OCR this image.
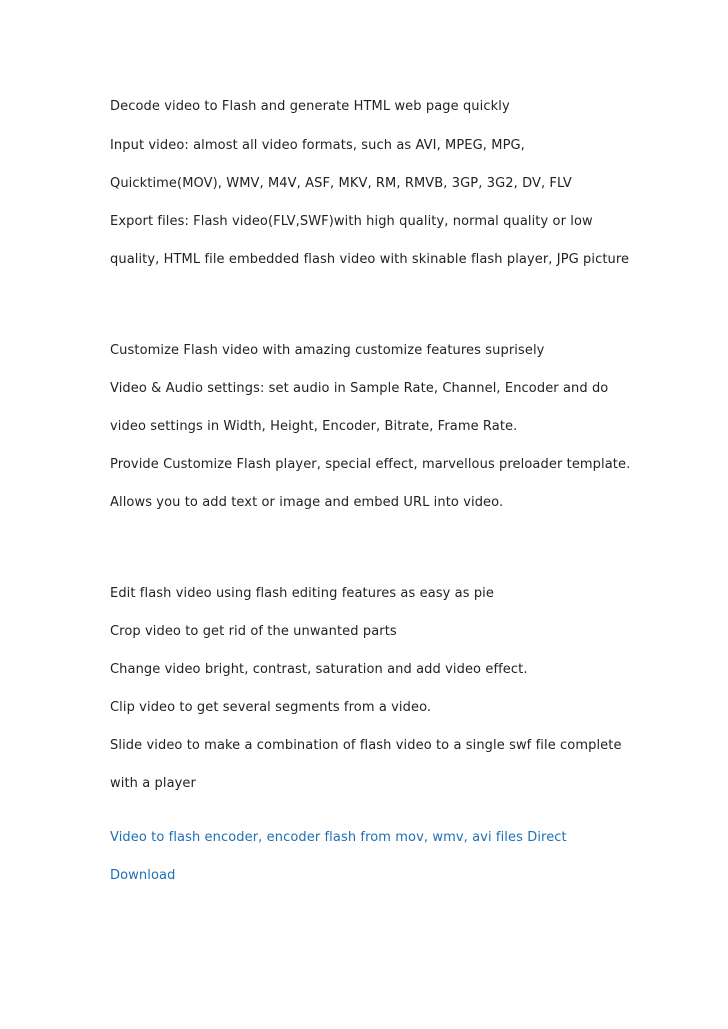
Decode video to Flash and generate HTML web page quickly
Input video: almost all video formats, such as AVI, MPEG, MPG,
Quicktime(MOV), WMV, M4V, ASF, MKV, RM, RMVB, 3GP, 3G2, DV, FLV
Export files: Flash video(FLV,SWF)with high quality, normal quality or low
quality, HTML file embedded flash video with skinable flash player, JPG picture
Customize Flash video with amazing customize features suprisely
Video & Audio settings: set audio in Sample Rate, Channel, Encoder and do
video settings in Width, Height, Encoder, Bitrate, Frame Rate.
Provide Customize Flash player, special effect, marvellous preloader template.
Allows you to add text or image and embed URL into video.
Edit flash video using flash editing features as easy as pie
Crop video to get rid of the unwanted parts
Change video bright, contrast, saturation and add video effect.
Clip video to get several segments from a video.
Slide video to make a combination of flash video to a single swf file complete
with a player
Video to flash encoder, encoder flash from mov, wmv, avi files Direct
Download
